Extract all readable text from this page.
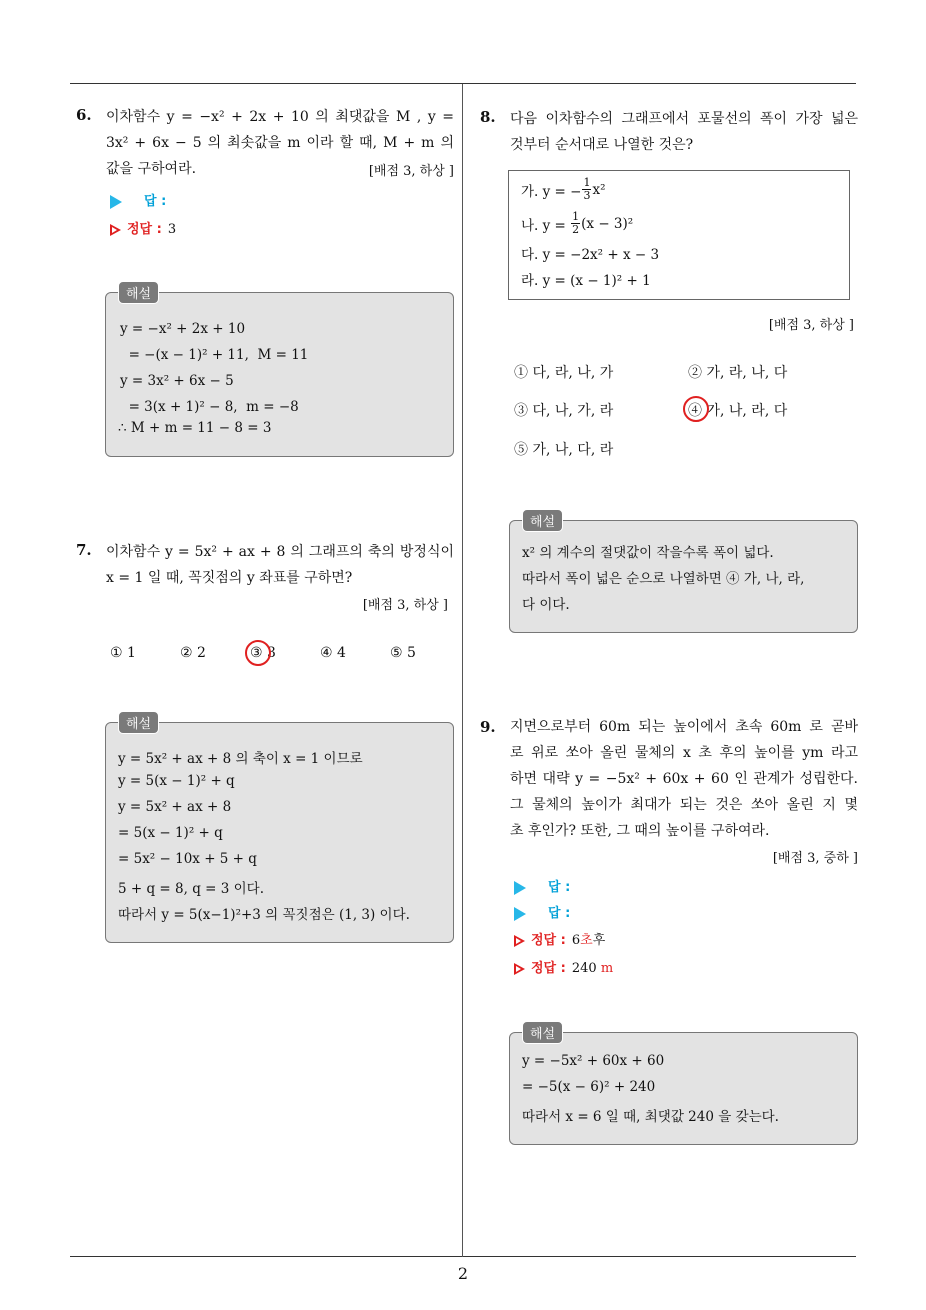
2
6. 이차함수 y = −x² + 2x + 10 의 최댓값을 M , y =
3x² + 6x − 5 의 최솟값을 m 이라 할 때, M + m 의
값을 구하여라.	[배점 3, 하상 ]
답 :
정답 : 3
y = −x² + 2x + 10
= −(x − 1)² + 11,  M = 11
y = 3x² + 6x − 5
= 3(x + 1)² − 8,  m = −8
∴ M + m = 11 − 8 = 3
해설
7. 이차함수 y = 5x² + ax + 8 의 그래프의 축의 방정식이
x = 1 일 때, 꼭짓점의 y 좌표를 구하면?
[배점 3, 하상 ]
① 1	② 2	③ 3	④ 4	⑤ 5
y = 5x² + ax + 8 의 축이 x = 1 이므로
y = 5(x − 1)² + q
y = 5x² + ax + 8
= 5(x − 1)² + q
= 5x² − 10x + 5 + q
5 + q = 8, q = 3 이다.
따라서 y = 5(x−1)²+3 의 꼭짓점은 (1, 3) 이다.
해설
8. 다음 이차함수의 그래프에서 포물선의 폭이 가장 넓은
것부터 순서대로 나열한 것은?
가. y = −
1
3 x²
나. y =
1
2 (x − 3)²
다. y = −2x² + x − 3
라. y = (x − 1)² + 1
[배점 3, 하상 ]
① 다, 라, 나, 가	② 가, 라, 나, 다
③ 다, 나, 가, 라	④ 가, 나, 라, 다
⑤ 가, 나, 다, 라
x² 의 계수의 절댓값이 작을수록 폭이 넓다.
따라서 폭이 넓은 순으로 나열하면 ④ 가, 나, 라,
다 이다.
해설
9. 지면으로부터 60m 되는 높이에서 초속 60m 로 곧바
로 위로 쏘아 올린 물체의 x 초 후의 높이를 ym 라고
하면 대략 y = −5x² + 60x + 60 인 관계가 성립한다.
그 물체의 높이가 최대가 되는 것은 쏘아 올린 지 몇
초 후인가? 또한, 그 때의 높이를 구하여라.
[배점 3, 중하 ]
답 :
답 :
정답 : 6초후
정답 : 240 m
y = −5x² + 60x + 60
= −5(x − 6)² + 240
따라서 x = 6 일 때, 최댓값 240 을 갖는다.
해설
